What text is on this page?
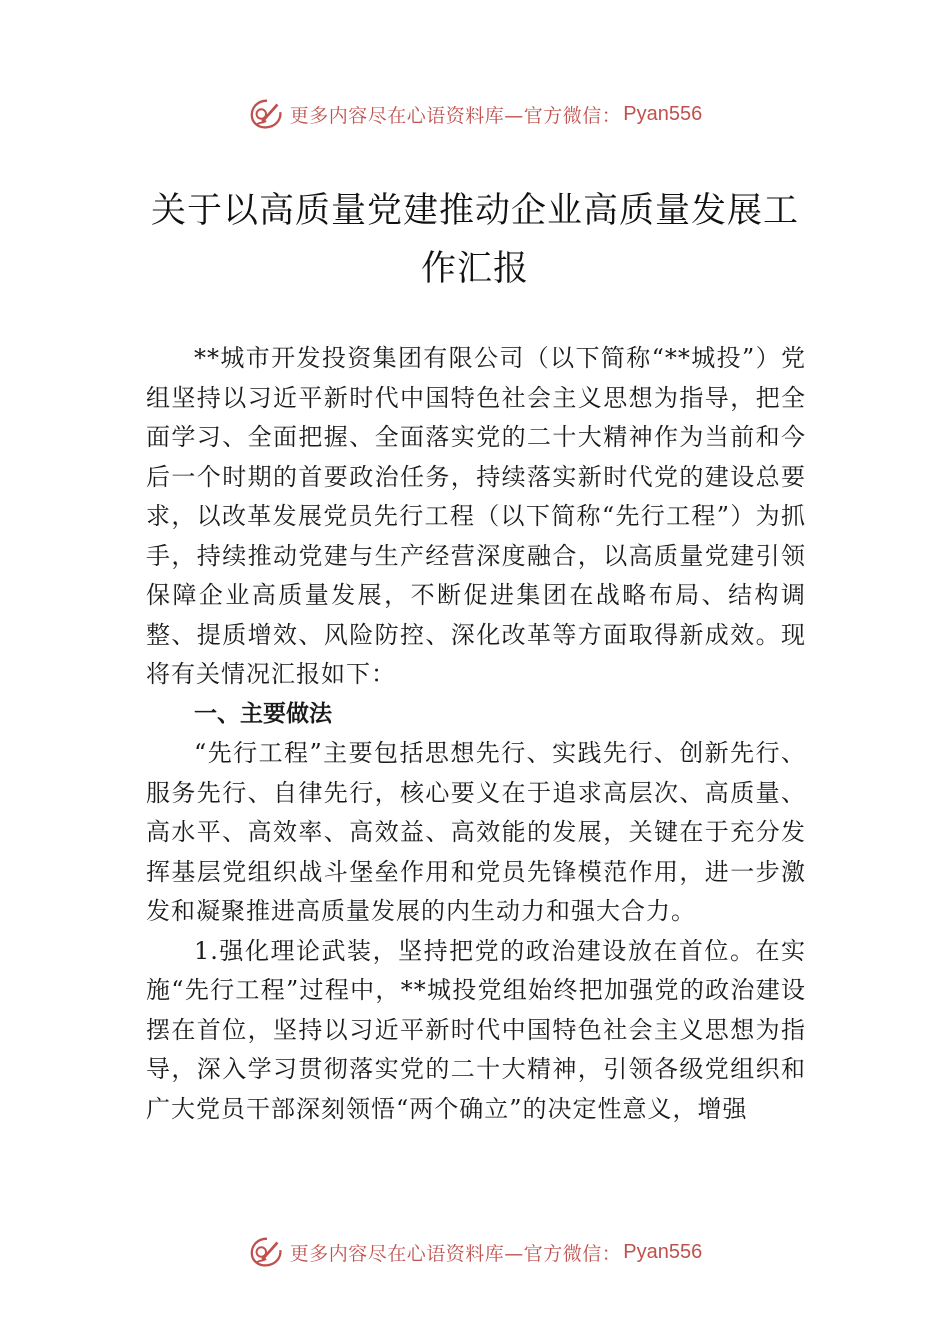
更多内容尽在心语资料库—官方微信： Pyan556
关于以高质量党建推动企业高质量发展工作汇报

**城市开发投资集团有限公司（以下简称“**城投”）党组坚持以习近平新时代中国特色社会主义思想为指导，把全面学习、全面把握、全面落实党的二十大精神作为当前和今后一个时期的首要政治任务，持续落实新时代党的建设总要求，以改革发展党员先行工程（以下简称“先行工程”）为抓手，持续推动党建与生产经营深度融合，以高质量党建引领保障企业高质量发展，不断促进集团在战略布局、结构调整、提质增效、风险防控、深化改革等方面取得新成效。现将有关情况汇报如下：

一、主要做法

“先行工程”主要包括思想先行、实践先行、创新先行、服务先行、自律先行，核心要义在于追求高层次、高质量、 高水平、高效率、高效益、高效能的发展，关键在于充分发挥基层党组织战斗堡垒作用和党员先锋模范作用，进一步激发和凝聚推进高质量发展的内生动力和强大合力。

1.强化理论武装，坚持把党的政治建设放在首位。在实施“先行工程”过程中，**城投党组始终把加强党的政治建设摆在首位，坚持以习近平新时代中国特色社会主义思想为指导，深入学习贯彻落实党的二十大精神，引领各级党组织和广大党员干部深刻领悟“两个确立”的决定性意义，增强

更多内容尽在心语资料库—官方微信： Pyan556
